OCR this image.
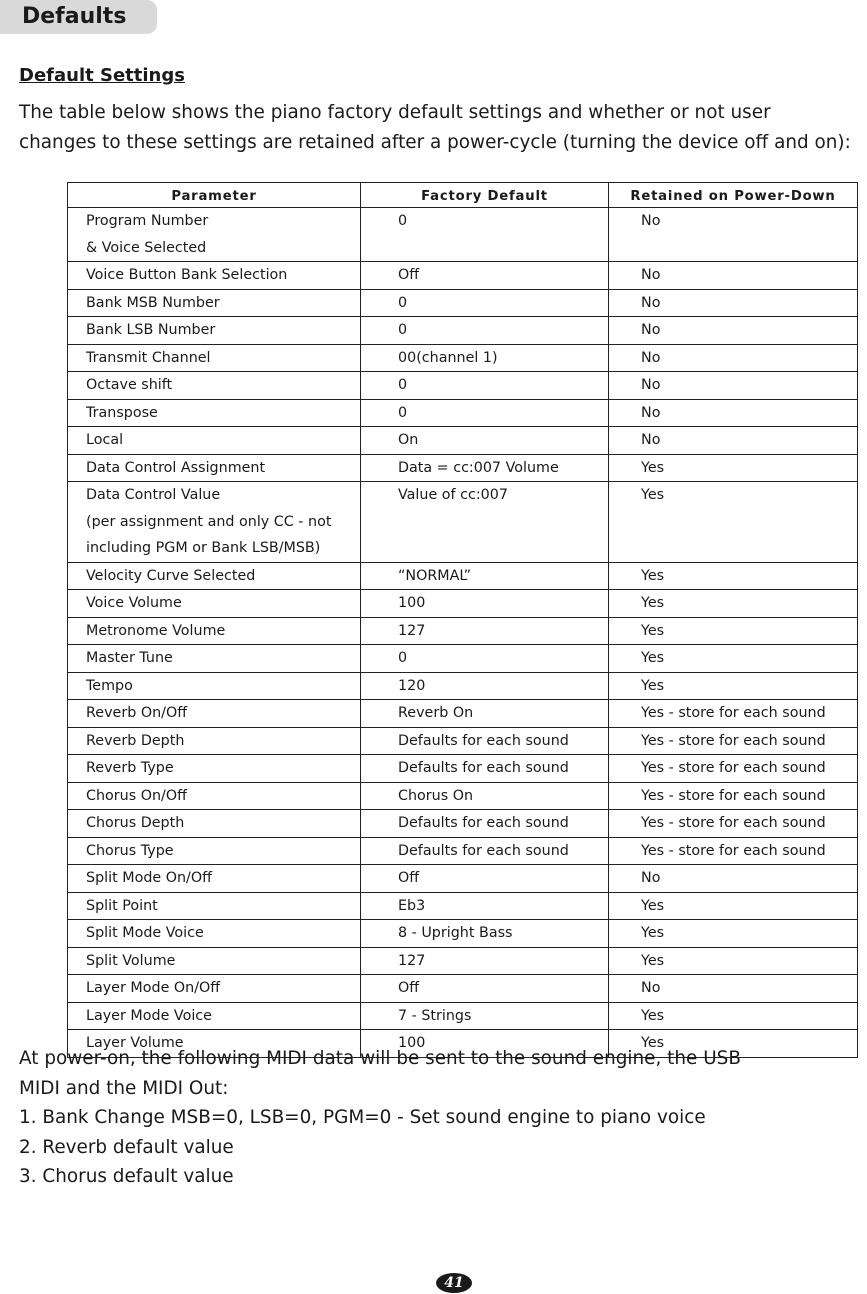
Defaults
Default Settings
The table below shows the piano factory default settings and whether or not user
changes to these settings are retained after a power-cycle (turning the device off and on):
Parameter	Factory Default	Retained on Power-Down

Program Number
& Voice Selected	0	No

Voice Button Bank Selection	Off	No

Bank MSB Number	0	No

Bank LSB Number	0	No

Transmit Channel	00(channel 1)	No

Octave shift	0	No

Transpose	0	No

Local	On	No

Data Control Assignment	Data = cc:007 Volume	Yes

Data Control Value
(per assignment and only CC - not
including PGM or Bank LSB/MSB)	Value of cc:007	Yes

Velocity Curve Selected	“NORMAL”	Yes

Voice Volume	100	Yes

Metronome Volume	127	Yes

Master Tune	0	Yes

Tempo	120	Yes

Reverb On/Off	Reverb On	Yes - store for each sound

Reverb Depth	Defaults for each sound	Yes - store for each sound

Reverb Type	Defaults for each sound	Yes - store for each sound

Chorus On/Off	Chorus On	Yes - store for each sound

Chorus Depth	Defaults for each sound	Yes - store for each sound

Chorus Type	Defaults for each sound	Yes - store for each sound

Split Mode On/Off	Off	No

Split Point	Eb3	Yes

Split Mode Voice	8 - Upright Bass	Yes

Split Volume	127	Yes

Layer Mode On/Off	Off	No

Layer Mode Voice	7 - Strings	Yes

Layer Volume	100	Yes
At power-on, the following MIDI data will be sent to the sound engine, the USB
MIDI and the MIDI Out:
1. Bank Change MSB=0, LSB=0, PGM=0 - Set sound engine to piano voice
2. Reverb default value
3. Chorus default value
41
